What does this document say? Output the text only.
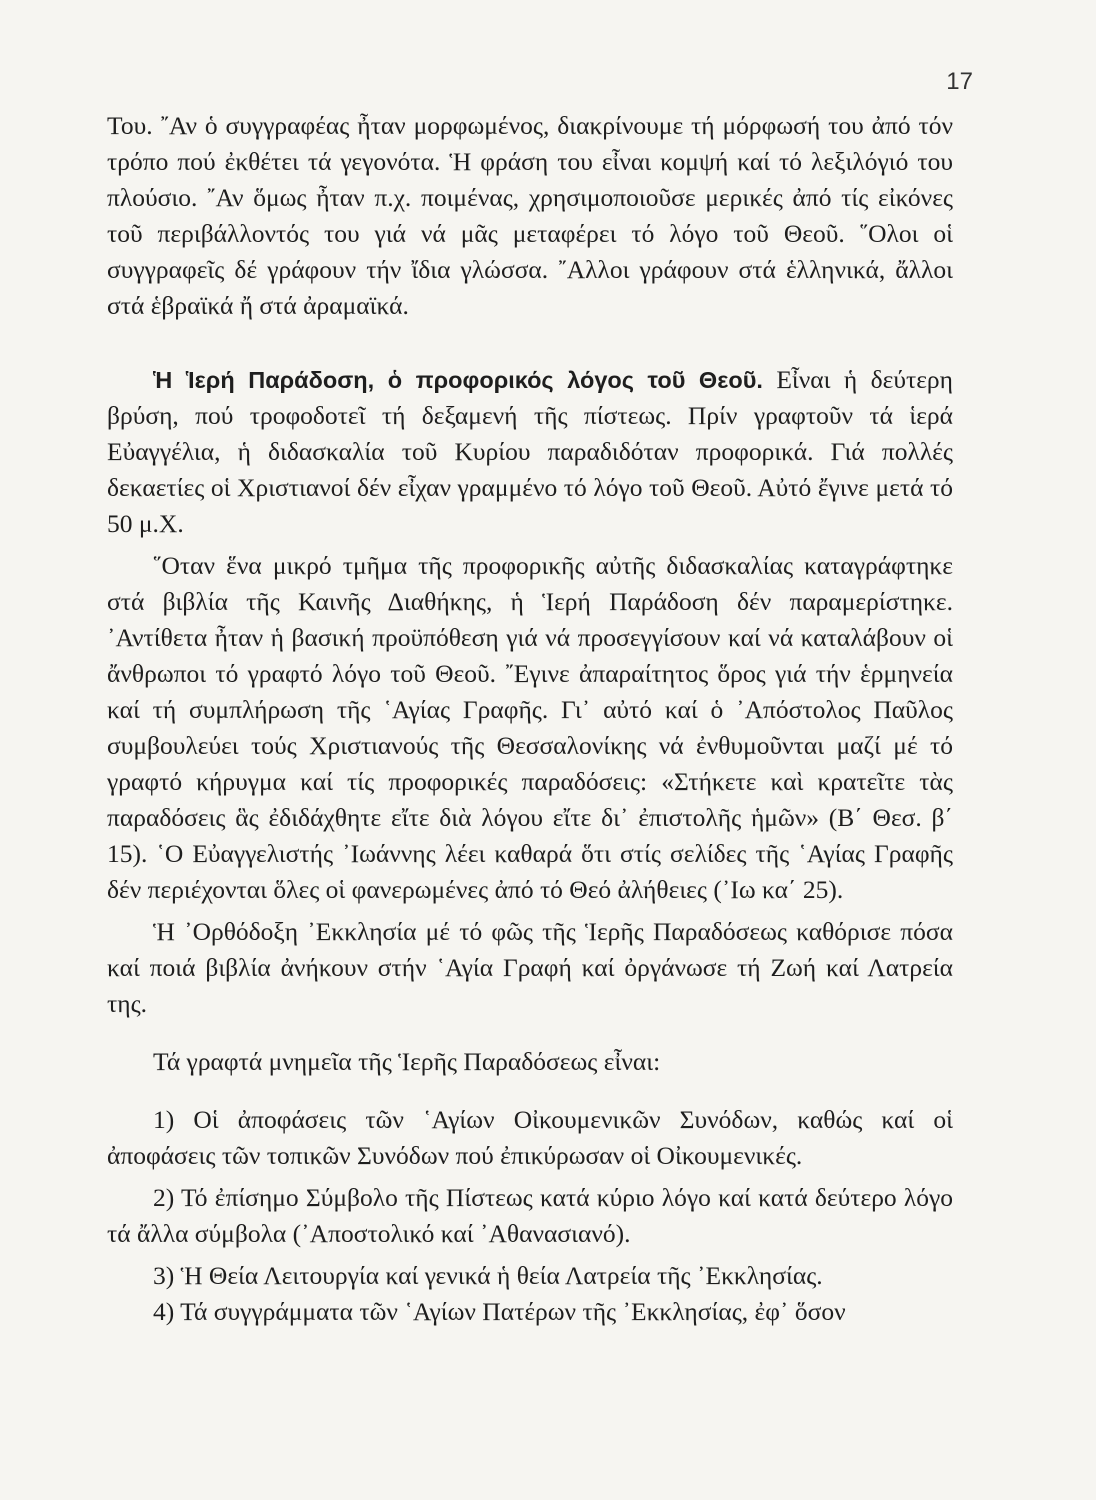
17

Του. ῎Αν ὁ συγγραφέας ἦταν μορφωμένος, διακρίνουμε τή μόρφωσή του ἀπό τόν τρόπο πού ἐκθέτει τά γεγονότα. Ἡ φράση του εἶναι κομψή καί τό λεξιλόγιό του πλούσιο. ῎Αν ὅμως ἦταν π.χ. ποιμένας, χρησιμοποιοῦσε μερικές ἀπό τίς εἰκόνες τοῦ περιβάλλοντός του γιά νά μᾶς μεταφέρει τό λόγο τοῦ Θεοῦ. ῞Ολοι οἱ συγγραφεῖς δέ γράφουν τήν ἴδια γλώσσα. ῎Αλλοι γράφουν στά ἑλληνικά, ἄλλοι στά ἑβραϊκά ἤ στά ἀραμαϊκά.

Ἡ Ἱερή Παράδοση, ὁ προφορικός λόγος τοῦ Θεοῦ. Εἶναι ἡ δεύτερη βρύση, πού τροφοδοτεῖ τή δεξαμενή τῆς πίστεως. Πρίν γραφτοῦν τά ἱερά Εὐαγγέλια, ἡ διδασκαλία τοῦ Κυρίου παραδιδόταν προφορικά. Γιά πολλές δεκαετίες οἱ Χριστιανοί δέν εἶχαν γραμμένο τό λόγο τοῦ Θεοῦ. Αὐτό ἔγινε μετά τό 50 μ.Χ.

῞Οταν ἕνα μικρό τμῆμα τῆς προφορικῆς αὐτῆς διδασκαλίας καταγράφτηκε στά βιβλία τῆς Καινῆς Διαθήκης, ἡ Ἱερή Παράδοση δέν παραμερίστηκε. ᾿Αντίθετα ἦταν ἡ βασική προϋπόθεση γιά νά προσεγγίσουν καί νά καταλάβουν οἱ ἄνθρωποι τό γραφτό λόγο τοῦ Θεοῦ. ῎Εγινε ἀπαραίτητος ὅρος γιά τήν ἑρμηνεία καί τή συμπλήρωση τῆς ῾Αγίας Γραφῆς. Γι᾿ αὐτό καί ὁ ᾿Απόστολος Παῦλος συμβουλεύει τούς Χριστιανούς τῆς Θεσσαλονίκης νά ἐνθυμοῦνται μαζί μέ τό γραφτό κήρυγμα καί τίς προφορικές παραδόσεις: «Στήκετε καὶ κρατεῖτε τὰς παραδόσεις ἃς ἐδιδάχθητε εἴτε διὰ λόγου εἴτε δι᾿ ἐπιστολῆς ἡμῶν» (Β΄ Θεσ. β΄ 15). ῾Ο Εὐαγγελιστής ᾿Ιωάννης λέει καθαρά ὅτι στίς σελίδες τῆς ῾Αγίας Γραφῆς δέν περιέχονται ὅλες οἱ φανερωμένες ἀπό τό Θεό ἀλήθειες (᾿Ιω κα΄ 25).

Ἡ ᾿Ορθόδοξη ᾿Εκκλησία μέ τό φῶς τῆς Ἱερῆς Παραδόσεως καθόρισε πόσα καί ποιά βιβλία ἀνήκουν στήν ῾Αγία Γραφή καί ὀργάνωσε τή Ζωή καί Λατρεία της.

Τά γραφτά μνημεῖα τῆς Ἱερῆς Παραδόσεως εἶναι:

1) Οἱ ἀποφάσεις τῶν ῾Αγίων Οἰκουμενικῶν Συνόδων, καθώς καί οἱ ἀποφάσεις τῶν τοπικῶν Συνόδων πού ἐπικύρωσαν οἱ Οἰκουμενικές.

2) Τό ἐπίσημο Σύμβολο τῆς Πίστεως κατά κύριο λόγο καί κατά δεύτερο λόγο τά ἄλλα σύμβολα (᾿Αποστολικό καί ᾿Αθανασιανό).

3) Ἡ Θεία Λειτουργία καί γενικά ἡ θεία Λατρεία τῆς ᾿Εκκλησίας.

4) Τά συγγράμματα τῶν ῾Αγίων Πατέρων τῆς ᾿Εκκλησίας, ἐφ᾿ ὅσον
